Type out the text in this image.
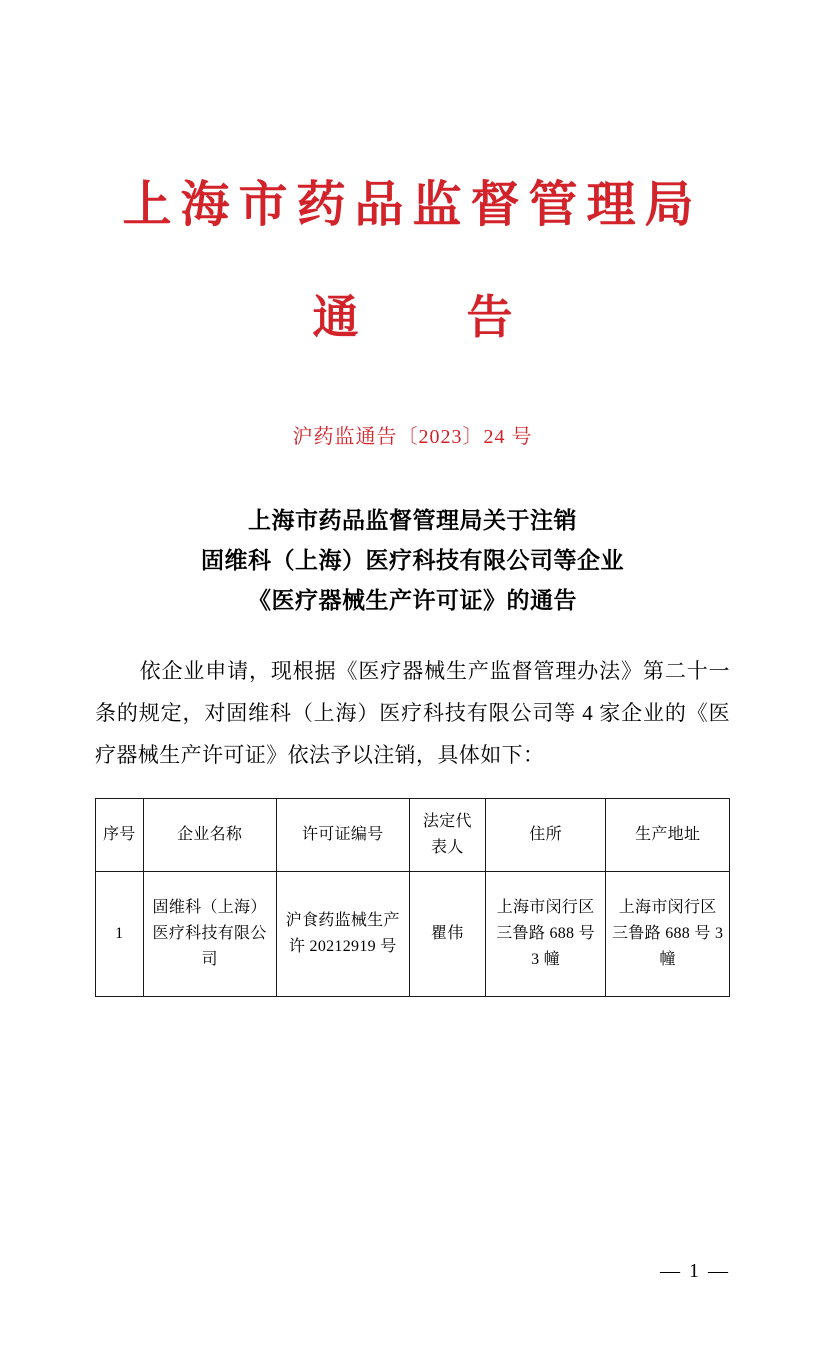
上海市药品监督管理局
通 告
沪药监通告〔2023〕24 号
上海市药品监督管理局关于注销
固维科（上海）医疗科技有限公司等企业
《医疗器械生产许可证》的通告
依企业申请，现根据《医疗器械生产监督管理办法》第二十一条的规定，对固维科（上海）医疗科技有限公司等 4 家企业的《医疗器械生产许可证》依法予以注销，具体如下：
序号	企业名称	许可证编号	法定代表人	住所	生产地址
1	固维科（上海）医疗科技有限公司	沪食药监械生产许 20212919 号	瞿伟	上海市闵行区三鲁路 688 号 3 幢	上海市闵行区三鲁路 688 号 3 幢
— 1 —
